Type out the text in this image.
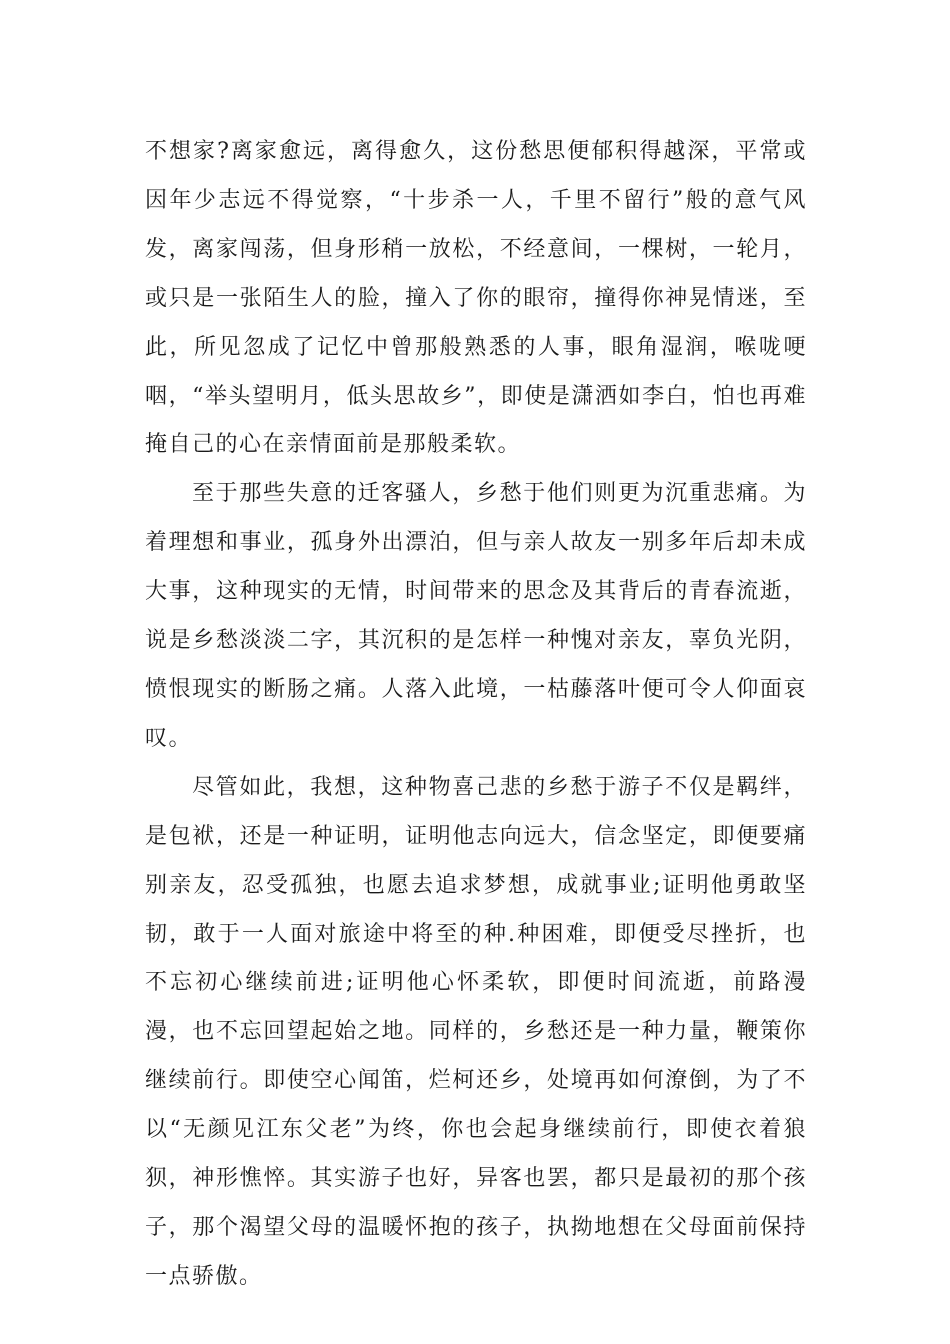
不想家?离家愈远，离得愈久，这份愁思便郁积得越深，平常或因年少志远不得觉察，“十步杀一人，千里不留行”般的意气风发，离家闯荡，但身形稍一放松，不经意间，一棵树，一轮月，或只是一张陌生人的脸，撞入了你的眼帘，撞得你神晃情迷，至此，所见忽成了记忆中曾那般熟悉的人事，眼角湿润，喉咙哽咽，“举头望明月，低头思故乡”，即使是潇洒如李白，怕也再难掩自己的心在亲情面前是那般柔软。

至于那些失意的迁客骚人，乡愁于他们则更为沉重悲痛。为着理想和事业，孤身外出漂泊，但与亲人故友一别多年后却未成大事，这种现实的无情，时间带来的思念及其背后的青春流逝，说是乡愁淡淡二字，其沉积的是怎样一种愧对亲友，辜负光阴，愤恨现实的断肠之痛。人落入此境，一枯藤落叶便可令人仰面哀叹。

尽管如此，我想，这种物喜己悲的乡愁于游子不仅是羁绊，是包袱，还是一种证明，证明他志向远大，信念坚定，即便要痛别亲友，忍受孤独，也愿去追求梦想，成就事业;证明他勇敢坚韧，敢于一人面对旅途中将至的种.种困难，即便受尽挫折，也不忘初心继续前进;证明他心怀柔软，即便时间流逝，前路漫漫，也不忘回望起始之地。同样的，乡愁还是一种力量，鞭策你继续前行。即使空心闻笛，烂柯还乡，处境再如何潦倒，为了不以“无颜见江东父老”为终，你也会起身继续前行，即使衣着狼狈，神形憔悴。其实游子也好，异客也罢，都只是最初的那个孩子，那个渴望父母的温暖怀抱的孩子，执拗地想在父母面前保持一点骄傲。
